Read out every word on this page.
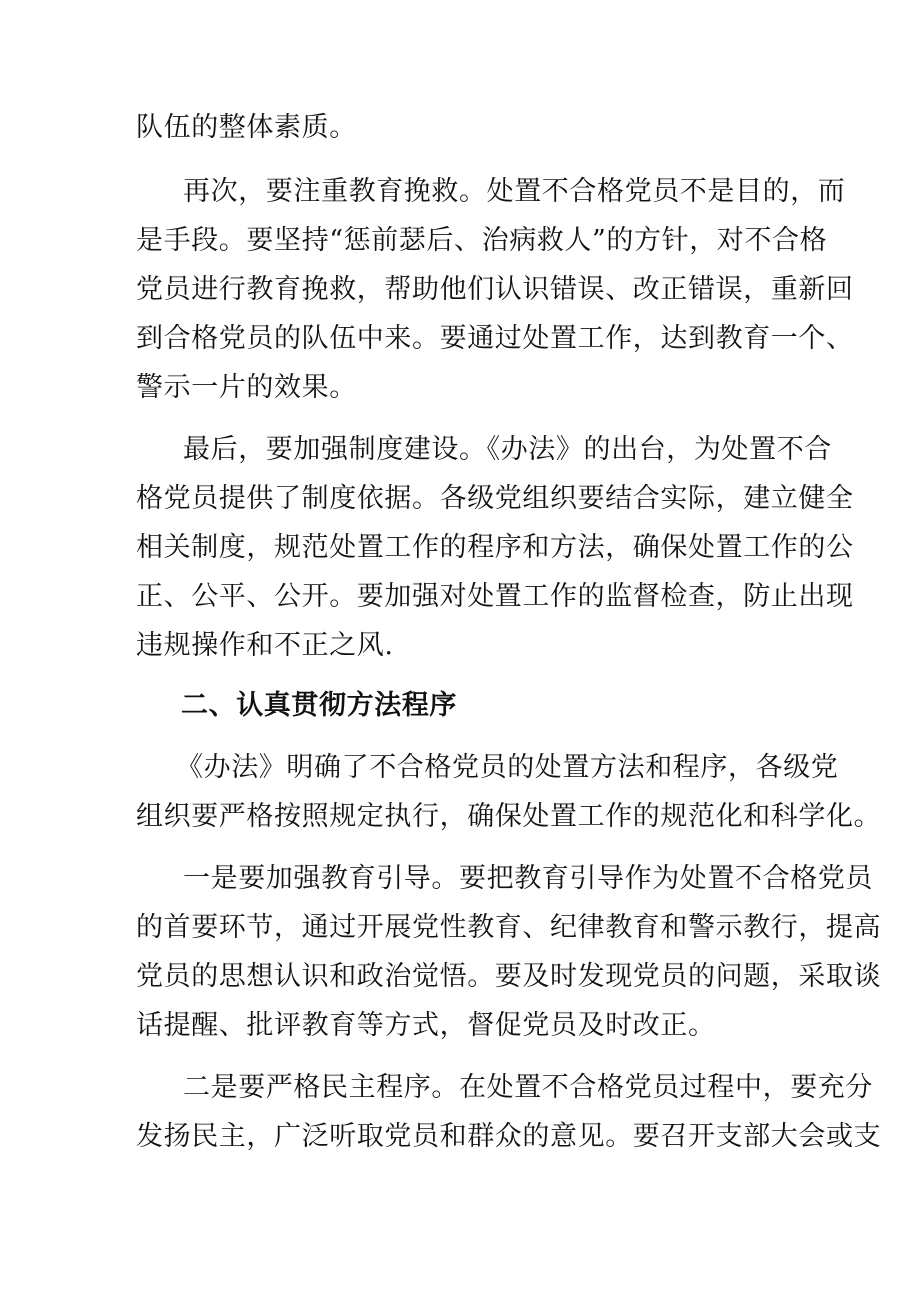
队伍的整体素质。
再次，要注重教育挽救。处置不合格党员不是目的，而
是手段。要坚持“惩前瑟后、治病救人”的方针，对不合格
党员进行教育挽救，帮助他们认识错误、改正错误，重新回
到合格党员的队伍中来。要通过处置工作，达到教育一个、
警示一片的效果。
最后，要加强制度建设。《办法》的出台，为处置不合
格党员提供了制度依据。各级党组织要结合实际，建立健全
相关制度，规范处置工作的程序和方法，确保处置工作的公
正、公平、公开。要加强对处置工作的监督检查，防止出现
违规操作和不正之风.
二、认真贯彻方法程序
《办法》明确了不合格党员的处置方法和程序，各级党
组织要严格按照规定执行，确保处置工作的规范化和科学化。
一是要加强教育引导。要把教育引导作为处置不合格党员
的首要环节，通过开展党性教育、纪律教育和警示教行，提高
党员的思想认识和政治觉悟。要及时发现党员的问题，采取谈
话提醒、批评教育等方式，督促党员及时改正。
二是要严格民主程序。在处置不合格党员过程中，要充分
发扬民主，广泛听取党员和群众的意见。要召开支部大会或支
